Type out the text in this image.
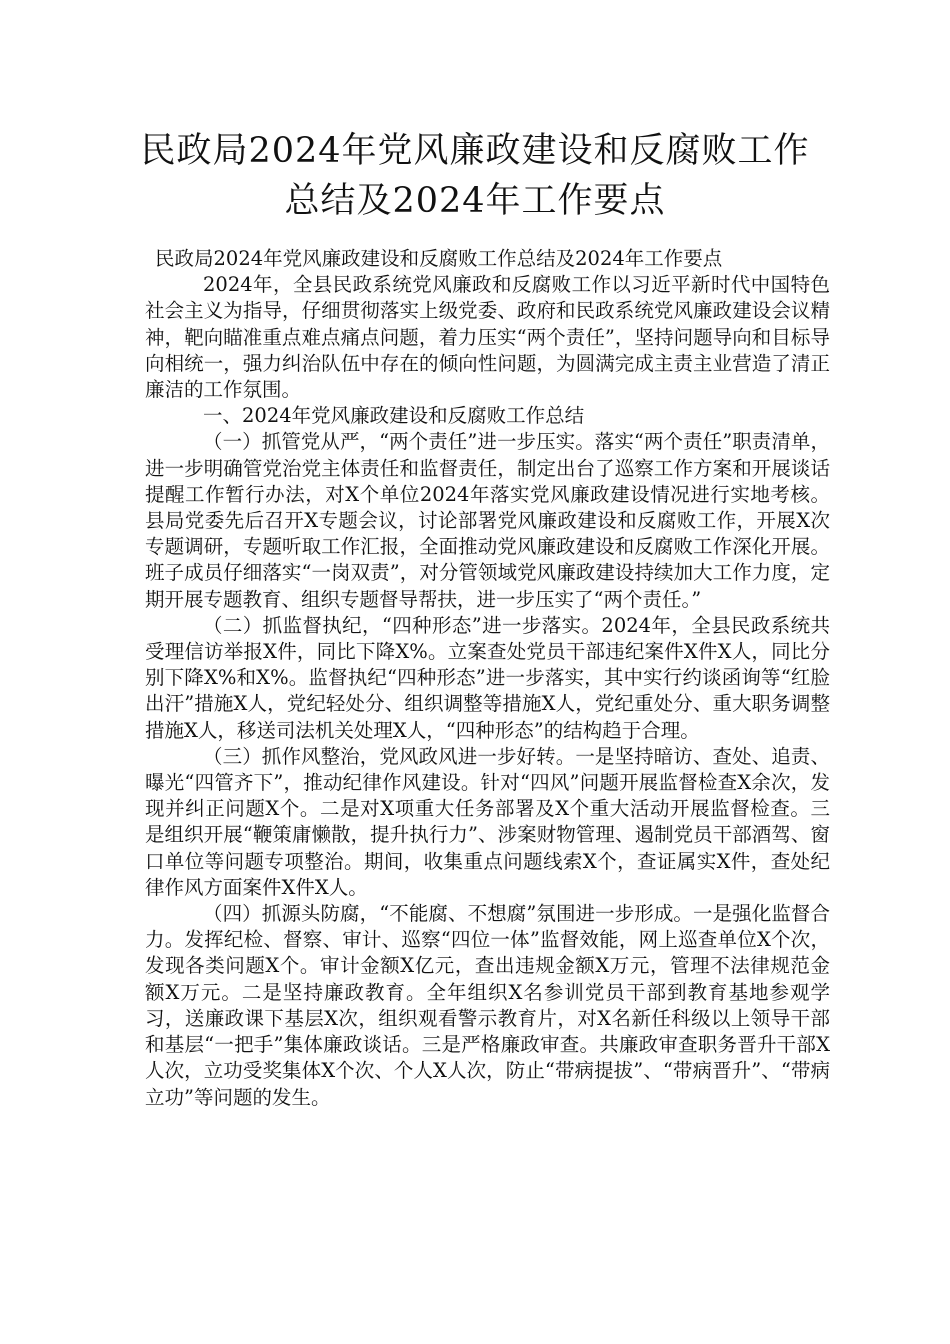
民政局2024年党风廉政建设和反腐败工作
总结及2024年工作要点

民政局2024年党风廉政建设和反腐败工作总结及2024年工作要点

2024年，全县民政系统党风廉政和反腐败工作以习近平新时代中国特色社会主义为指导，仔细贯彻落实上级党委、政府和民政系统党风廉政建设会议精神，靶向瞄准重点难点痛点问题，着力压实“两个责任”，坚持问题导向和目标导向相统一，强力纠治队伍中存在的倾向性问题，为圆满完成主责主业营造了清正廉洁的工作氛围。

一、2024年党风廉政建设和反腐败工作总结

（一）抓管党从严，“两个责任”进一步压实。落实“两个责任”职责清单，进一步明确管党治党主体责任和监督责任，制定出台了巡察工作方案和开展谈话提醒工作暂行办法，对X个单位2024年落实党风廉政建设情况进行实地考核。县局党委先后召开X专题会议，讨论部署党风廉政建设和反腐败工作，开展X次专题调研，专题听取工作汇报，全面推动党风廉政建设和反腐败工作深化开展。班子成员仔细落实“一岗双责”，对分管领域党风廉政建设持续加大工作力度，定期开展专题教育、组织专题督导帮扶，进一步压实了“两个责任。”

（二）抓监督执纪，“四种形态”进一步落实。2024年，全县民政系统共受理信访举报X件，同比下降X%。立案查处党员干部违纪案件X件X人，同比分别下降X%和X%。监督执纪“四种形态”进一步落实，其中实行约谈函询等“红脸出汗”措施X人，党纪轻处分、组织调整等措施X人，党纪重处分、重大职务调整措施X人，移送司法机关处理X人，“四种形态”的结构趋于合理。

（三）抓作风整治，党风政风进一步好转。一是坚持暗访、查处、追责、曝光“四管齐下”，推动纪律作风建设。针对“四风”问题开展监督检查X余次，发现并纠正问题X个。二是对X项重大任务部署及X个重大活动开展监督检查。三是组织开展“鞭策庸懒散，提升执行力”、涉案财物管理、遏制党员干部酒驾、窗口单位等问题专项整治。期间，收集重点问题线索X个，查证属实X件，查处纪律作风方面案件X件X人。

（四）抓源头防腐，“不能腐、不想腐”氛围进一步形成。一是强化监督合力。发挥纪检、督察、审计、巡察“四位一体”监督效能，网上巡查单位X个次，发现各类问题X个。审计金额X亿元，查出违规金额X万元，管理不法律规范金额X万元。二是坚持廉政教育。全年组织X名参训党员干部到教育基地参观学习，送廉政课下基层X次，组织观看警示教育片，对X名新任科级以上领导干部和基层“一把手”集体廉政谈话。三是严格廉政审查。共廉政审查职务晋升干部X人次，立功受奖集体X个次、个人X人次，防止“带病提拔”、“带病晋升”、“带病立功”等问题的发生。
